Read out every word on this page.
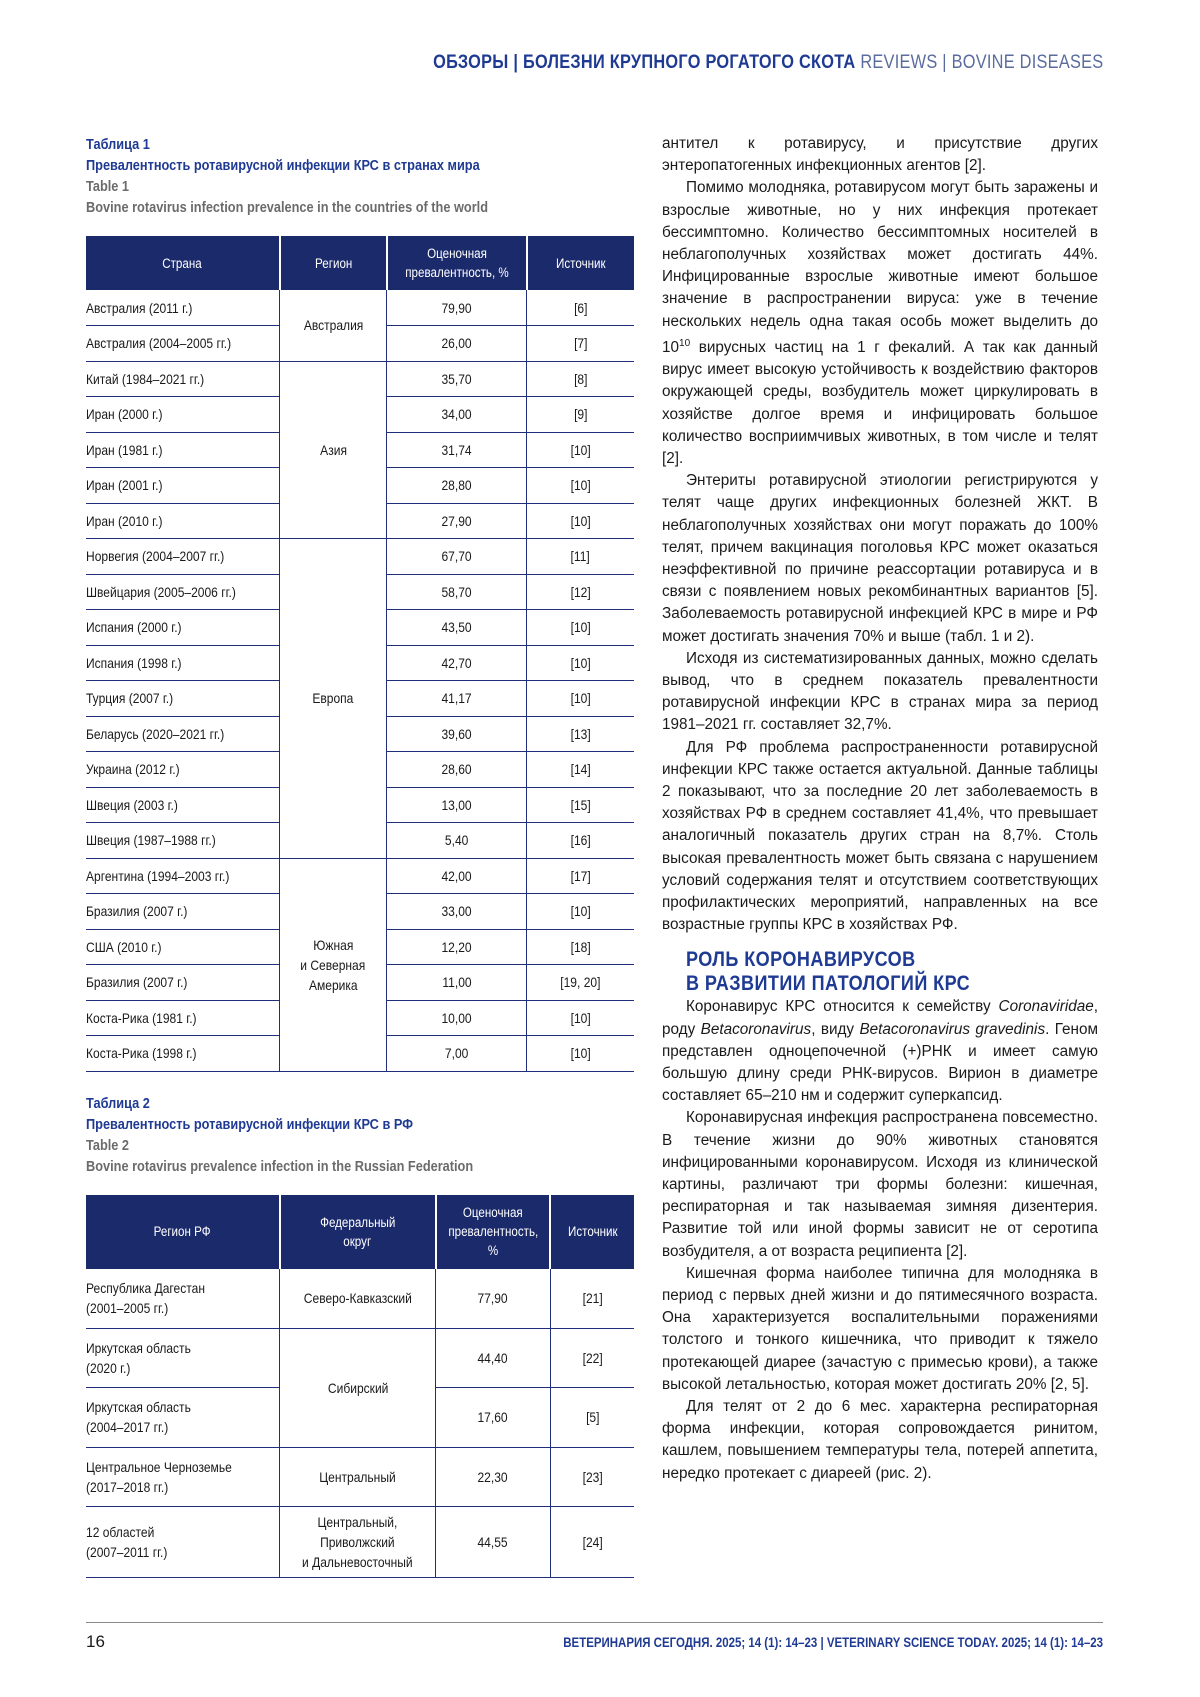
ОБЗОРЫ | БОЛЕЗНИ КРУПНОГО РОГАТОГО СКОТА REVIEWS | BOVINE DISEASES
Таблица 1
Превалентность ротавирусной инфекции КРС в странах мира
Table 1
Bovine rotavirus infection prevalence in the countries of the world
Страна	Регион	Оценочная превалентность, %	Источник
Австралия (2011 г.)	Австралия	79,90	[6]
Австралия (2004–2005 гг.)	26,00	[7]
Китай (1984–2021 гг.)	Азия	35,70	[8]
Иран (2000 г.)	34,00	[9]
Иран (1981 г.)	31,74	[10]
Иран (2001 г.)	28,80	[10]
Иран (2010 г.)	27,90	[10]
Норвегия (2004–2007 гг.)	Европа	67,70	[11]
Швейцария (2005–2006 гг.)	58,70	[12]
Испания (2000 г.)	43,50	[10]
Испания (1998 г.)	42,70	[10]
Турция (2007 г.)	41,17	[10]
Беларусь (2020–2021 гг.)	39,60	[13]
Украина (2012 г.)	28,60	[14]
Швеция (2003 г.)	13,00	[15]
Швеция (1987–1988 гг.)	5,40	[16]
Аргентина (1994–2003 гг.)	Южная
и Северная
Америка	42,00	[17]
Бразилия (2007 г.)	33,00	[10]
США (2010 г.)	12,20	[18]
Бразилия (2007 г.)	11,00	[19, 20]
Коста-Рика (1981 г.)	10,00	[10]
Коста-Рика (1998 г.)	7,00	[10]
Таблица 2
Превалентность ротавирусной инфекции КРС в РФ
Table 2
Bovine rotavirus prevalence infection in the Russian Federation
Регион РФ	Федеральный
округ	Оценочная
превалентность,
%	Источник
Республика Дагестан
(2001–2005 гг.)	Северо-Кавказский	77,90	[21]
Иркутская область
(2020 г.)	Сибирский	44,40	[22]
Иркутская область
(2004–2017 гг.)	17,60	[5]
Центральное Черноземье
(2017–2018 гг.)	Центральный	22,30	[23]
12 областей
(2007–2011 гг.)	Центральный,
Приволжский
и Дальневосточный	44,55	[24]

антител к ротавирусу, и присутствие других энтеропатогенных инфекционных агентов [2].

Помимо молодняка, ротавирусом могут быть заражены и взрослые животные, но у них инфекция протекает бессимптомно. Количество бессимптомных носителей в неблагополучных хозяйствах может достигать 44%. Инфицированные взрослые животные имеют большое значение в распространении вируса: уже в течение нескольких недель одна такая особь может выделить до 1010 вирусных частиц на 1 г фекалий. А так как данный вирус имеет высокую устойчивость к воздействию факторов окружающей среды, возбудитель может циркулировать в хозяйстве долгое время и инфицировать большое количество восприимчивых животных, в том числе и телят [2].

Энтериты ротавирусной этиологии регистрируются у телят чаще других инфекционных болезней ЖКТ. В неблагополучных хозяйствах они могут поражать до 100% телят, причем вакцинация поголовья КРС может оказаться неэффективной по причине реассортации ротавируса и в связи с появлением новых рекомбинантных вариантов [5]. Заболеваемость ротавирусной инфекцией КРС в мире и РФ может достигать значения 70% и выше (табл. 1 и 2).

Исходя из систематизированных данных, можно сделать вывод, что в среднем показатель превалентности ротавирусной инфекции КРС в странах мира за период 1981–2021 гг. составляет 32,7%.

Для РФ проблема распространенности ротавирусной инфекции КРС также остается актуальной. Данные таблицы 2 показывают, что за последние 20 лет заболеваемость в хозяйствах РФ в среднем составляет 41,4%, что превышает аналогичный показатель других стран на 8,7%. Столь высокая превалентность может быть связана с нарушением условий содержания телят и отсутствием соответствующих профилактических мероприятий, направленных на все возрастные группы КРС в хозяйствах РФ.

РОЛЬ КОРОНАВИРУСОВ
В РАЗВИТИИ ПАТОЛОГИЙ КРС

Коронавирус КРС относится к семейству Coronaviridae, роду Betacoronavirus, виду Betacoronavirus gravedinis. Геном представлен одноцепочечной (+)РНК и имеет самую большую длину среди РНК-вирусов. Вирион в диаметре составляет 65–210 нм и содержит суперкапсид.

Коронавирусная инфекция распространена повсеместно. В течение жизни до 90% животных становятся инфицированными коронавирусом. Исходя из клинической картины, различают три формы болезни: кишечная, респираторная и так называемая зимняя дизентерия. Развитие той или иной формы зависит не от серотипа возбудителя, а от возраста реципиента [2].

Кишечная форма наиболее типична для молодняка в период с первых дней жизни и до пятимесячного возраста. Она характеризуется воспалительными поражениями толстого и тонкого кишечника, что приводит к тяжело протекающей диарее (зачастую с примесью крови), а также высокой летальностью, которая может достигать 20% [2, 5].

Для телят от 2 до 6 мес. характерна респираторная форма инфекции, которая сопровождается ринитом, кашлем, повышением температуры тела, потерей аппетита, нередко протекает с диареей (рис. 2).

16	ВЕТЕРИНАРИЯ СЕГОДНЯ. 2025; 14 (1): 14–23 | VETERINARY SCIENCE TODAY. 2025; 14 (1): 14–23
